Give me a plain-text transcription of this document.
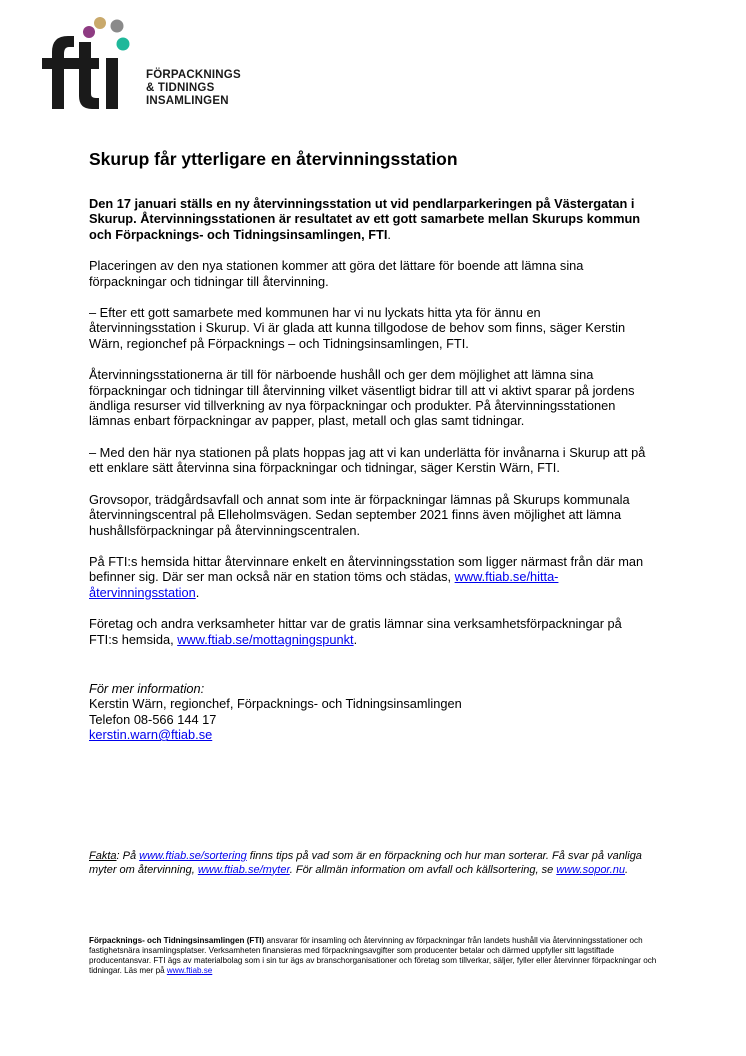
FÖRPACKNINGS
& TIDNINGS
INSAMLINGEN
Skurup får ytterligare en återvinningsstation

Den 17 januari ställs en ny återvinningsstation ut vid pendlarparkeringen på Västergatan i Skurup. Återvinningsstationen är resultatet av ett gott samarbete mellan Skurups kommun och Förpacknings- och Tidningsinsamlingen, FTI.

Placeringen av den nya stationen kommer att göra det lättare för boende att lämna sina förpackningar och tidningar till återvinning.

– Efter ett gott samarbete med kommunen har vi nu lyckats hitta yta för ännu en återvinningsstation i Skurup. Vi är glada att kunna tillgodose de behov som finns, säger Kerstin Wärn, regionchef på Förpacknings – och Tidningsinsamlingen, FTI.

Återvinningsstationerna är till för närboende hushåll och ger dem möjlighet att lämna sina förpackningar och tidningar till återvinning vilket väsentligt bidrar till att vi aktivt sparar på jordens ändliga resurser vid tillverkning av nya förpackningar och produkter. På återvinningsstationen lämnas enbart förpackningar av papper, plast, metall och glas samt tidningar.

– Med den här nya stationen på plats hoppas jag att vi kan underlätta för invånarna i Skurup att på ett enklare sätt återvinna sina förpackningar och tidningar, säger Kerstin Wärn, FTI.

Grovsopor, trädgårdsavfall och annat som inte är förpackningar lämnas på Skurups kommunala återvinningscentral på Elleholmsvägen. Sedan september 2021 finns även möjlighet att lämna hushållsförpackningar på återvinningscentralen.

På FTI:s hemsida hittar återvinnare enkelt en återvinningsstation som ligger närmast från där man befinner sig. Där ser man också när en station töms och städas, www.ftiab.se/hitta-återvinningsstation.

Företag och andra verksamheter hittar var de gratis lämnar sina verksamhetsförpackningar på FTI:s hemsida, www.ftiab.se/mottagningspunkt.

För mer information:
Kerstin Wärn, regionchef, Förpacknings- och Tidningsinsamlingen
Telefon 08-566 144 17
kerstin.warn@ftiab.se
Fakta: På www.ftiab.se/sortering finns tips på vad som är en förpackning och hur man sorterar. Få svar på vanliga myter om återvinning, www.ftiab.se/myter. För allmän information om avfall och källsortering, se www.sopor.nu.
Förpacknings- och Tidningsinsamlingen (FTI) ansvarar för insamling och återvinning av förpackningar från landets hushåll via återvinningsstationer och fastighetsnära insamlingsplatser. Verksamheten finansieras med förpackningsavgifter som producenter betalar och därmed uppfyller sitt lagstiftade producentansvar. FTI ägs av materialbolag som i sin tur ägs av branschorganisationer och företag som tillverkar, säljer, fyller eller återvinner förpackningar och tidningar. Läs mer på www.ftiab.se
